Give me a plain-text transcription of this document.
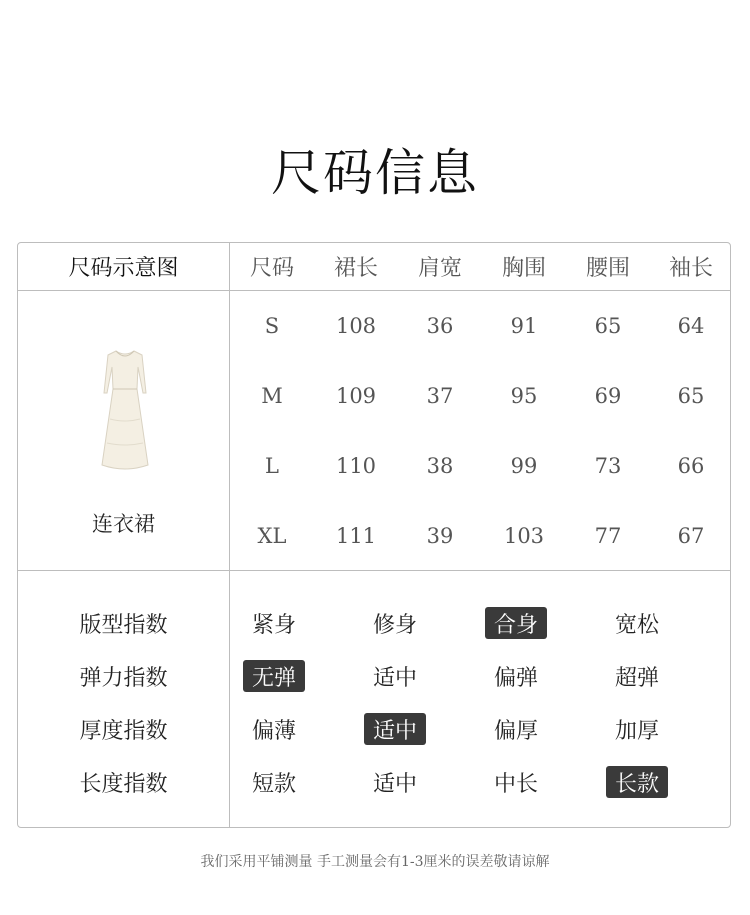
尺码信息
尺码示意图	尺码	裙长	肩宽	胸围	腰围	袖长
连衣裙
S	108	36	91	65	64
M	109	37	95	69	65
L	110	38	99	73	66
XL	111	39	103	77	67
版型指数	紧身	修身	合身	宽松
弹力指数	无弹	适中	偏弹	超弹
厚度指数	偏薄	适中	偏厚	加厚
长度指数	短款	适中	中长	长款
我们采用平铺测量 手工测量会有1-3厘米的误差敬请谅解
